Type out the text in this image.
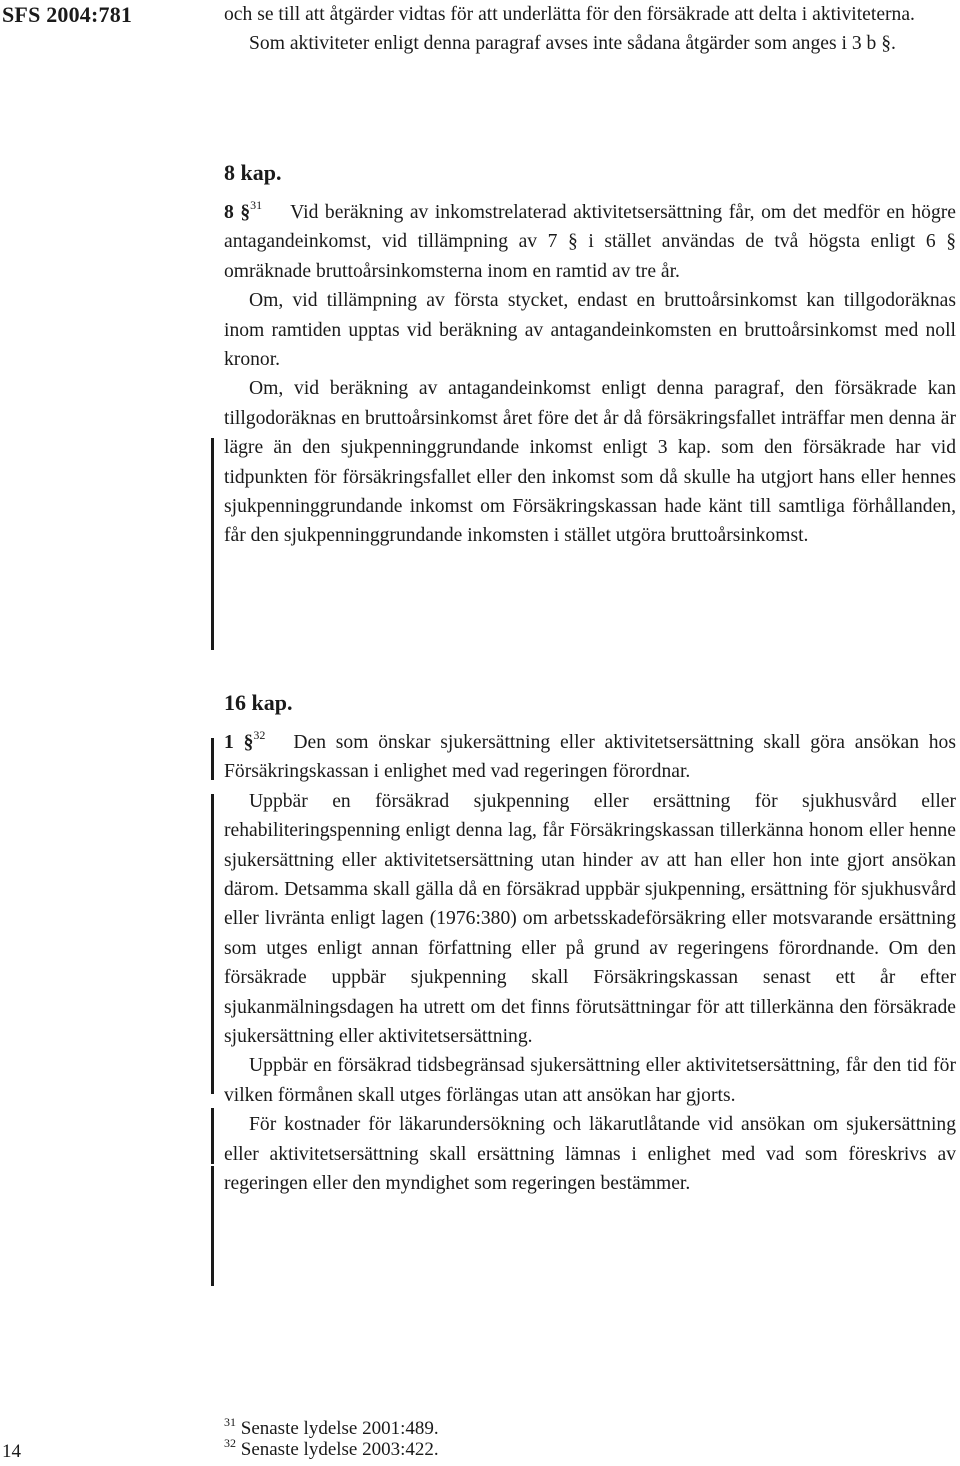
SFS 2004:781	och se till att åtgärder vidtas för att underlätta för den försäkrade att delta i aktiviteterna.

Som aktiviteter enligt denna paragraf avses inte sådana åtgärder som anges i 3 b §.

8 kap.

8 §$^{31}$ Vid beräkning av inkomstrelaterad aktivitetsersättning får, om det medför en högre antagandeinkomst, vid tillämpning av 7 § i stället användas de två högsta enligt 6 § omräknade bruttoårsinkomsterna inom en ramtid av tre år.

Om, vid tillämpning av första stycket, endast en bruttoårsinkomst kan tillgodoräknas inom ramtiden upptas vid beräkning av antagandeinkomsten en bruttoårsinkomst med noll kronor.

Om, vid beräkning av antagandeinkomst enligt denna paragraf, den försäkrade kan tillgodoräknas en bruttoårsinkomst året före det år då försäkringsfallet inträffar men denna är lägre än den sjukpenninggrundande inkomst enligt 3 kap. som den försäkrade har vid tidpunkten för försäkringsfallet eller den inkomst som då skulle ha utgjort hans eller hennes sjukpenninggrundande inkomst om Försäkringskassan hade känt till samtliga förhållanden, får den sjukpenninggrundande inkomsten i stället utgöra bruttoårsinkomst.

16 kap.

1 §$^{32}$ Den som önskar sjukersättning eller aktivitetsersättning skall göra ansökan hos Försäkringskassan i enlighet med vad regeringen förordnar.

Uppbär en försäkrad sjukpenning eller ersättning för sjukhusvård eller rehabiliteringspenning enligt denna lag, får Försäkringskassan tillerkänna honom eller henne sjukersättning eller aktivitetsersättning utan hinder av att han eller hon inte gjort ansökan därom. Detsamma skall gälla då en försäkrad uppbär sjukpenning, ersättning för sjukhusvård eller livränta enligt lagen (1976:380) om arbetsskadeförsäkring eller motsvarande ersättning som utges enligt annan författning eller på grund av regeringens förordnande. Om den försäkrade uppbär sjukpenning skall Försäkringskassan senast ett år efter sjukanmälningsdagen ha utrett om det finns förutsättningar för att tillerkänna den försäkrade sjukersättning eller aktivitetsersättning.

Uppbär en försäkrad tidsbegränsad sjukersättning eller aktivitetsersättning, får den tid för vilken förmånen skall utges förlängas utan att ansökan har gjorts.

För kostnader för läkarundersökning och läkarutlåtande vid ansökan om sjukersättning eller aktivitetsersättning skall ersättning lämnas i enlighet med vad som föreskrivs av regeringen eller den myndighet som regeringen bestämmer.

$^{31}$ Senaste lydelse 2001:489.
$^{32}$ Senaste lydelse 2003:422.
14
